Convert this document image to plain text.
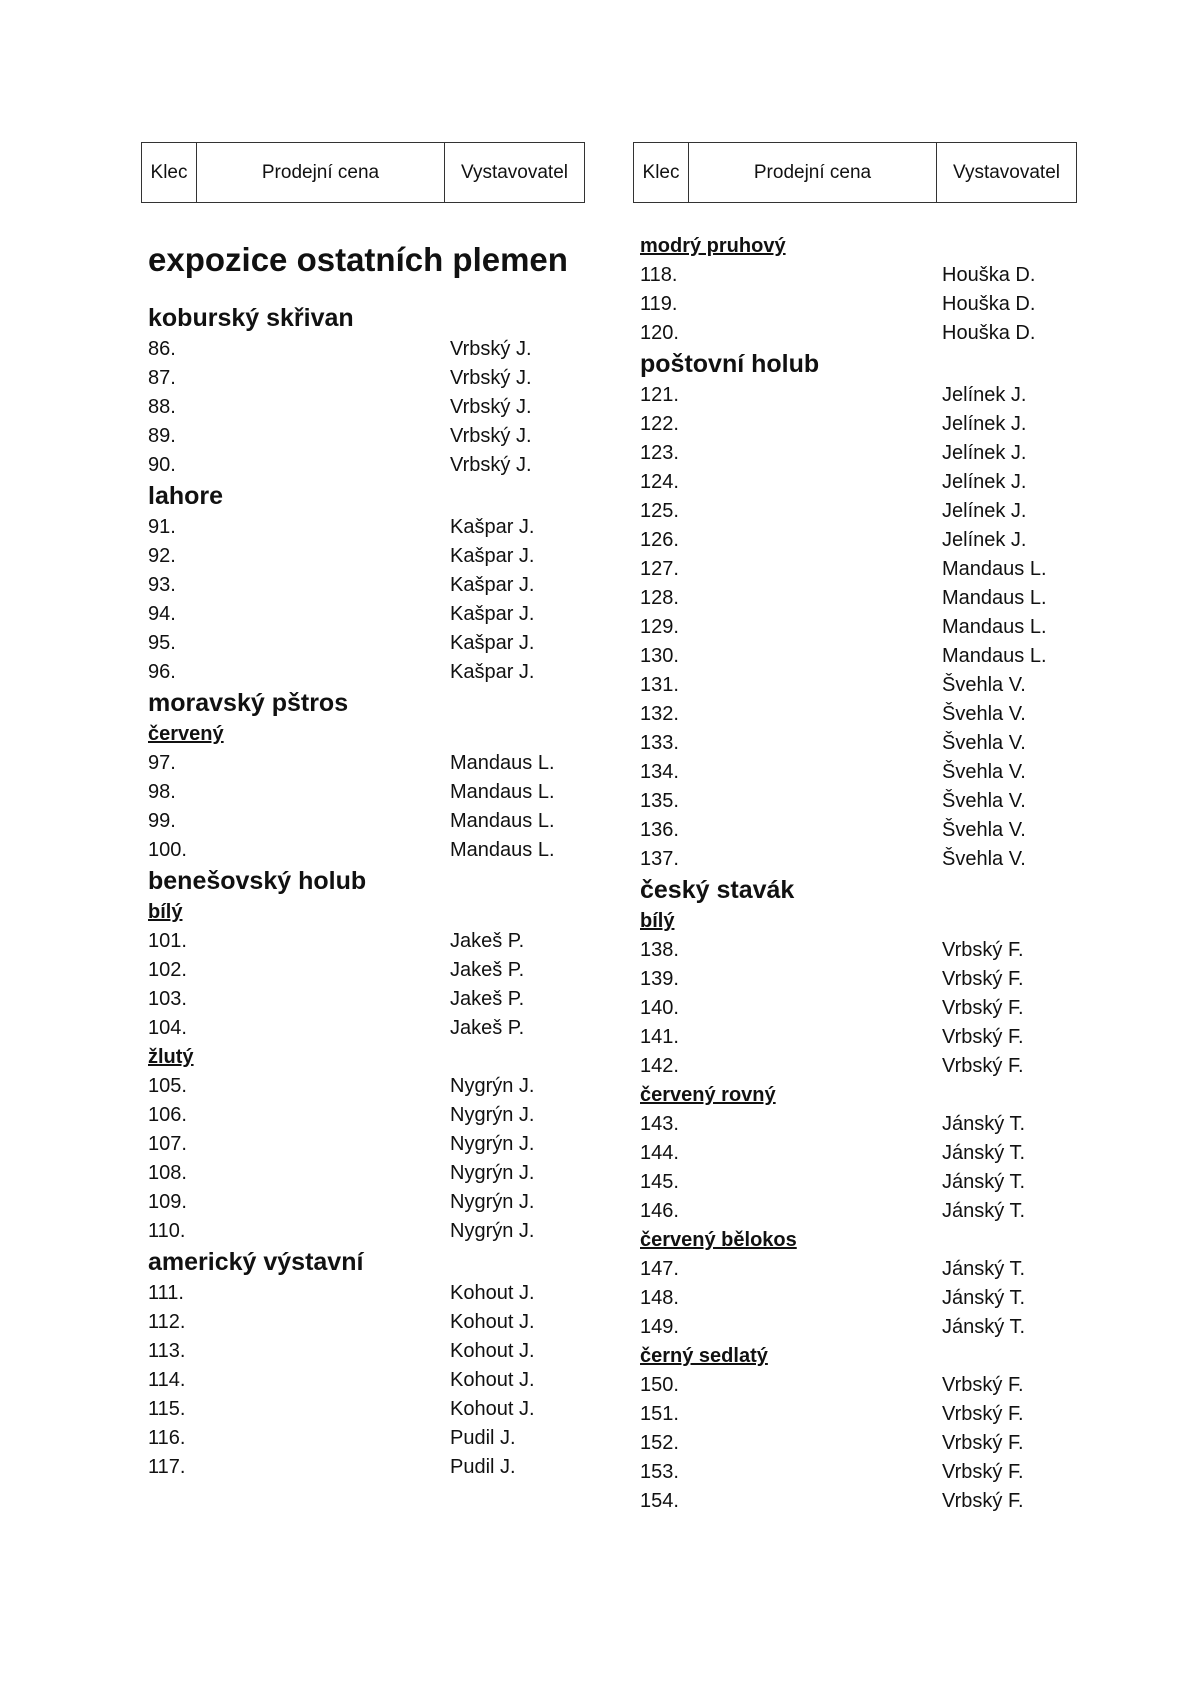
Klec	Prodejní cena	Vystavovatel	Klec	Prodejní cena	Vystavovatel
expozice ostatních plemen
koburský skřivan
86.	Vrbský J.
87.	Vrbský J.
88.	Vrbský J.
89.	Vrbský J.
90.	Vrbský J.
lahore
91.	Kašpar J.
92.	Kašpar J.
93.	Kašpar J.
94.	Kašpar J.
95.	Kašpar J.
96.	Kašpar J.
moravský pštros
červený
97.	Mandaus L.
98.	Mandaus L.
99.	Mandaus L.
100.	Mandaus L.
benešovský holub
bílý
101.	Jakeš P.
102.	Jakeš P.
103.	Jakeš P.
104.	Jakeš P.
žlutý
105.	Nygrýn J.
106.	Nygrýn J.
107.	Nygrýn J.
108.	Nygrýn J.
109.	Nygrýn J.
110.	Nygrýn J.
americký výstavní
111.	Kohout J.
112.	Kohout J.
113.	Kohout J.
114.	Kohout J.
115.	Kohout J.
116.	Pudil J.
117.	Pudil J.
modrý pruhový
118.	Houška D.
119.	Houška D.
120.	Houška D.
poštovní holub
121.	Jelínek J.
122.	Jelínek J.
123.	Jelínek J.
124.	Jelínek J.
125.	Jelínek J.
126.	Jelínek J.
127.	Mandaus L.
128.	Mandaus L.
129.	Mandaus L.
130.	Mandaus L.
131.	Švehla V.
132.	Švehla V.
133.	Švehla V.
134.	Švehla V.
135.	Švehla V.
136.	Švehla V.
137.	Švehla V.
český stavák
bílý
138.	Vrbský F.
139.	Vrbský F.
140.	Vrbský F.
141.	Vrbský F.
142.	Vrbský F.
červený rovný
143.	Jánský T.
144.	Jánský T.
145.	Jánský T.
146.	Jánský T.
červený bělokos
147.	Jánský T.
148.	Jánský T.
149.	Jánský T.
černý sedlatý
150.	Vrbský F.
151.	Vrbský F.
152.	Vrbský F.
153.	Vrbský F.
154.	Vrbský F.
